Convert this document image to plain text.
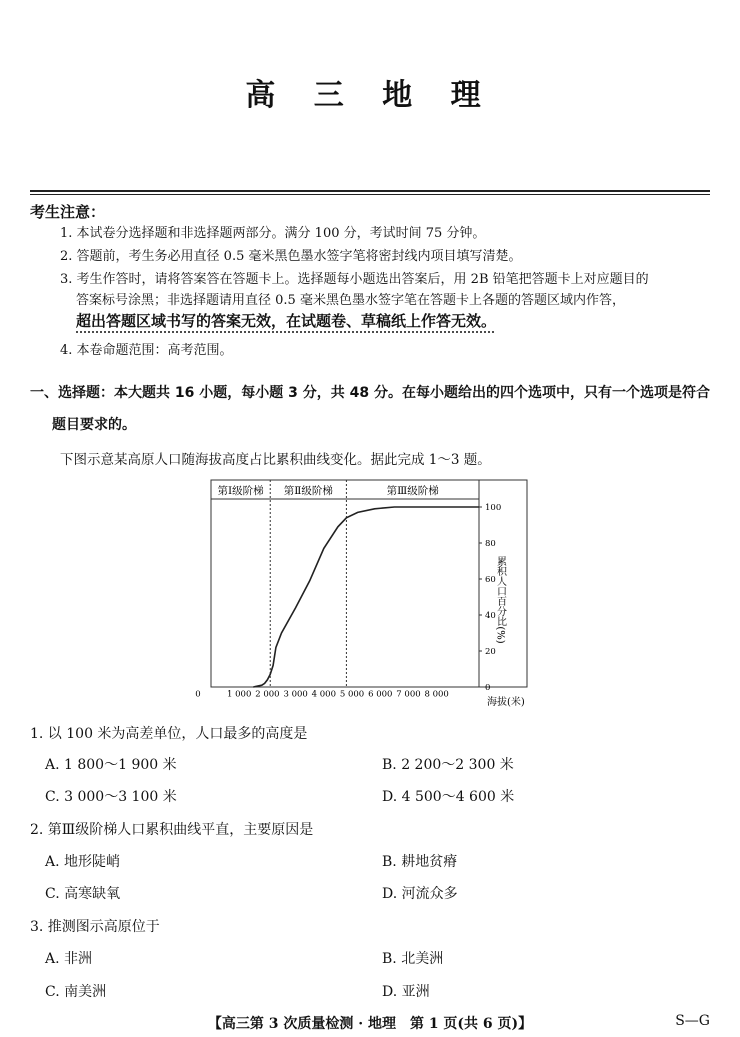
高 三 地 理
考生注意：
1. 本试卷分选择题和非选择题两部分。满分 100 分，考试时间 75 分钟。
2. 答题前，考生务必用直径 0.5 毫米黑色墨水签字笔将密封线内项目填写清楚。
3. 考生作答时，请将答案答在答题卡上。选择题每小题选出答案后，用 2B 铅笔把答题卡上对应题目的
答案标号涂黑；非选择题请用直径 0.5 毫米黑色墨水签字笔在答题卡上各题的答题区域内作答，
超出答题区域书写的答案无效，在试题卷、草稿纸上作答无效。
4. 本卷命题范围：高考范围。
一、选择题：本大题共 16 小题，每小题 3 分，共 48 分。在每小题给出的四个选项中，只有一个选项是符合
题目要求的。
下图示意某高原人口随海拔高度占比累积曲线变化。据此完成 1～3 题。
第Ⅰ级阶梯 第Ⅱ级阶梯	第Ⅲ级阶梯
0	1 000 2 000 3 000 4 000 5 000 6 000 7 000 8 000
0
20
40
60
80
100
海拔(米)
累积人口百分比(%)
1. 以 100 米为高差单位，人口最多的高度是
A. 1 800～1 900 米	B. 2 200～2 300 米
C. 3 000～3 100 米	D. 4 500～4 600 米
2. 第Ⅲ级阶梯人口累积曲线平直，主要原因是
A. 地形陡峭	B. 耕地贫瘠
C. 高寒缺氧	D. 河流众多
3. 推测图示高原位于
A. 非洲	B. 北美洲
C. 南美洲	D. 亚洲
【高三第 3 次质量检测 · 地理　第 1 页(共 6 页)】	S—G
